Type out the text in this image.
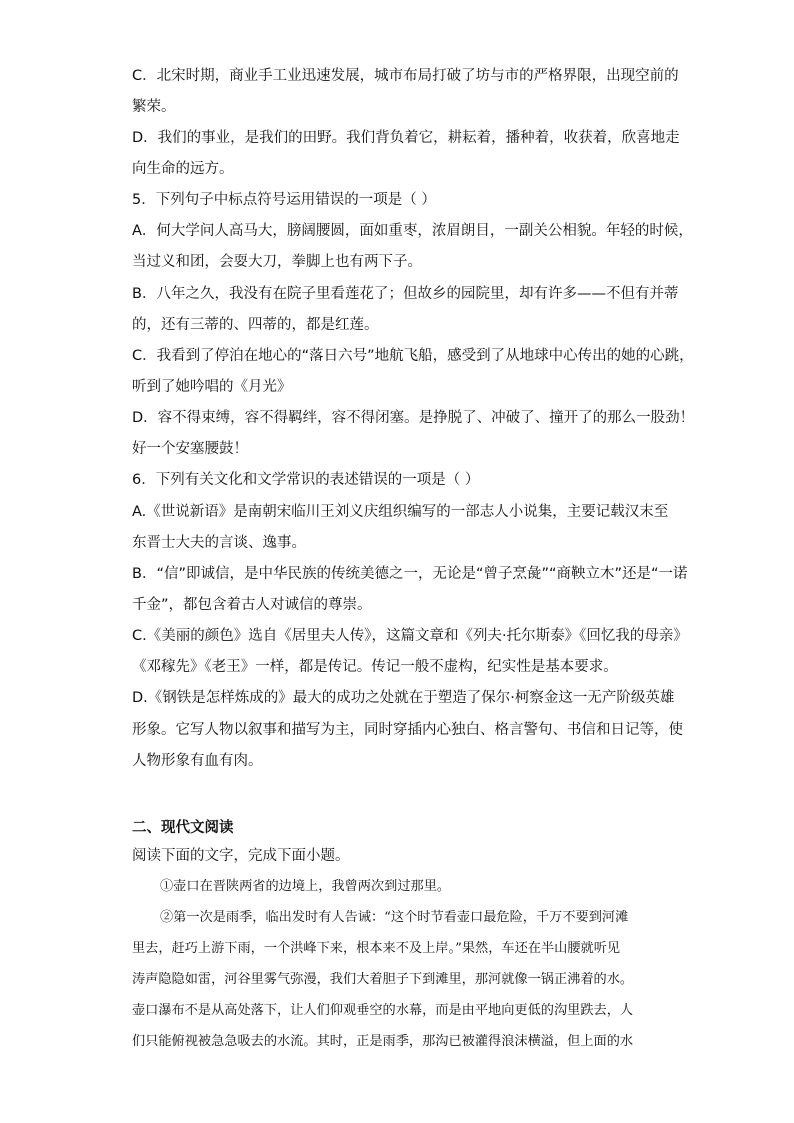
C．北宋时期，商业手工业迅速发展，城市布局打破了坊与市的严格界限，出现空前的
繁荣。
D．我们的事业，是我们的田野。我们背负着它，耕耘着，播种着，收获着，欣喜地走
向生命的远方。
5．下列句子中标点符号运用错误的一项是（ ）
A．何大学问人高马大，膀阔腰圆，面如重枣，浓眉朗目，一副关公相貌。年轻的时候，
当过义和团，会耍大刀，拳脚上也有两下子。
B．八年之久，我没有在院子里看莲花了；但故乡的园院里，却有许多——不但有并蒂
的，还有三蒂的、四蒂的，都是红莲。
C．我看到了停泊在地心的“落日六号”地航飞船，感受到了从地球中心传出的她的心跳，
听到了她吟唱的《月光》
D．容不得束缚，容不得羁绊，容不得闭塞。是挣脱了、冲破了、撞开了的那么一股劲！
好一个安塞腰鼓！
6．下列有关文化和文学常识的表述错误的一项是（ ）
A.《世说新语》是南朝宋临川王刘义庆组织编写的一部志人小说集，主要记载汉末至
东晋士大夫的言谈、逸事。
B．“信”即诚信，是中华民族的传统美德之一，无论是“曾子烹彘”“商鞅立木”还是“一诺
千金”，都包含着古人对诚信的尊崇。
C.《美丽的颜色》选自《居里夫人传》，这篇文章和《列夫·托尔斯泰》《回忆我的母亲》
《邓稼先》《老王》一样，都是传记。传记一般不虚构，纪实性是基本要求。
D.《钢铁是怎样炼成的》最大的成功之处就在于塑造了保尔·柯察金这一无产阶级英雄
形象。它写人物以叙事和描写为主，同时穿插内心独白、格言警句、书信和日记等，使
人物形象有血有肉。
二、现代文阅读
阅读下面的文字，完成下面小题。
①壶口在晋陕两省的边境上，我曾两次到过那里。
②第一次是雨季，临出发时有人告诫：“这个时节看壶口最危险，千万不要到河滩
里去，赶巧上游下雨，一个洪峰下来，根本来不及上岸。”果然，车还在半山腰就听见
涛声隐隐如雷，河谷里雾气弥漫，我们大着胆子下到滩里，那河就像一锅正沸着的水。
壶口瀑布不是从高处落下，让人们仰观垂空的水幕，而是由平地向更低的沟里跌去，人
们只能俯视被急急吸去的水流。其时，正是雨季，那沟已被灌得浪沫横溢，但上面的水
